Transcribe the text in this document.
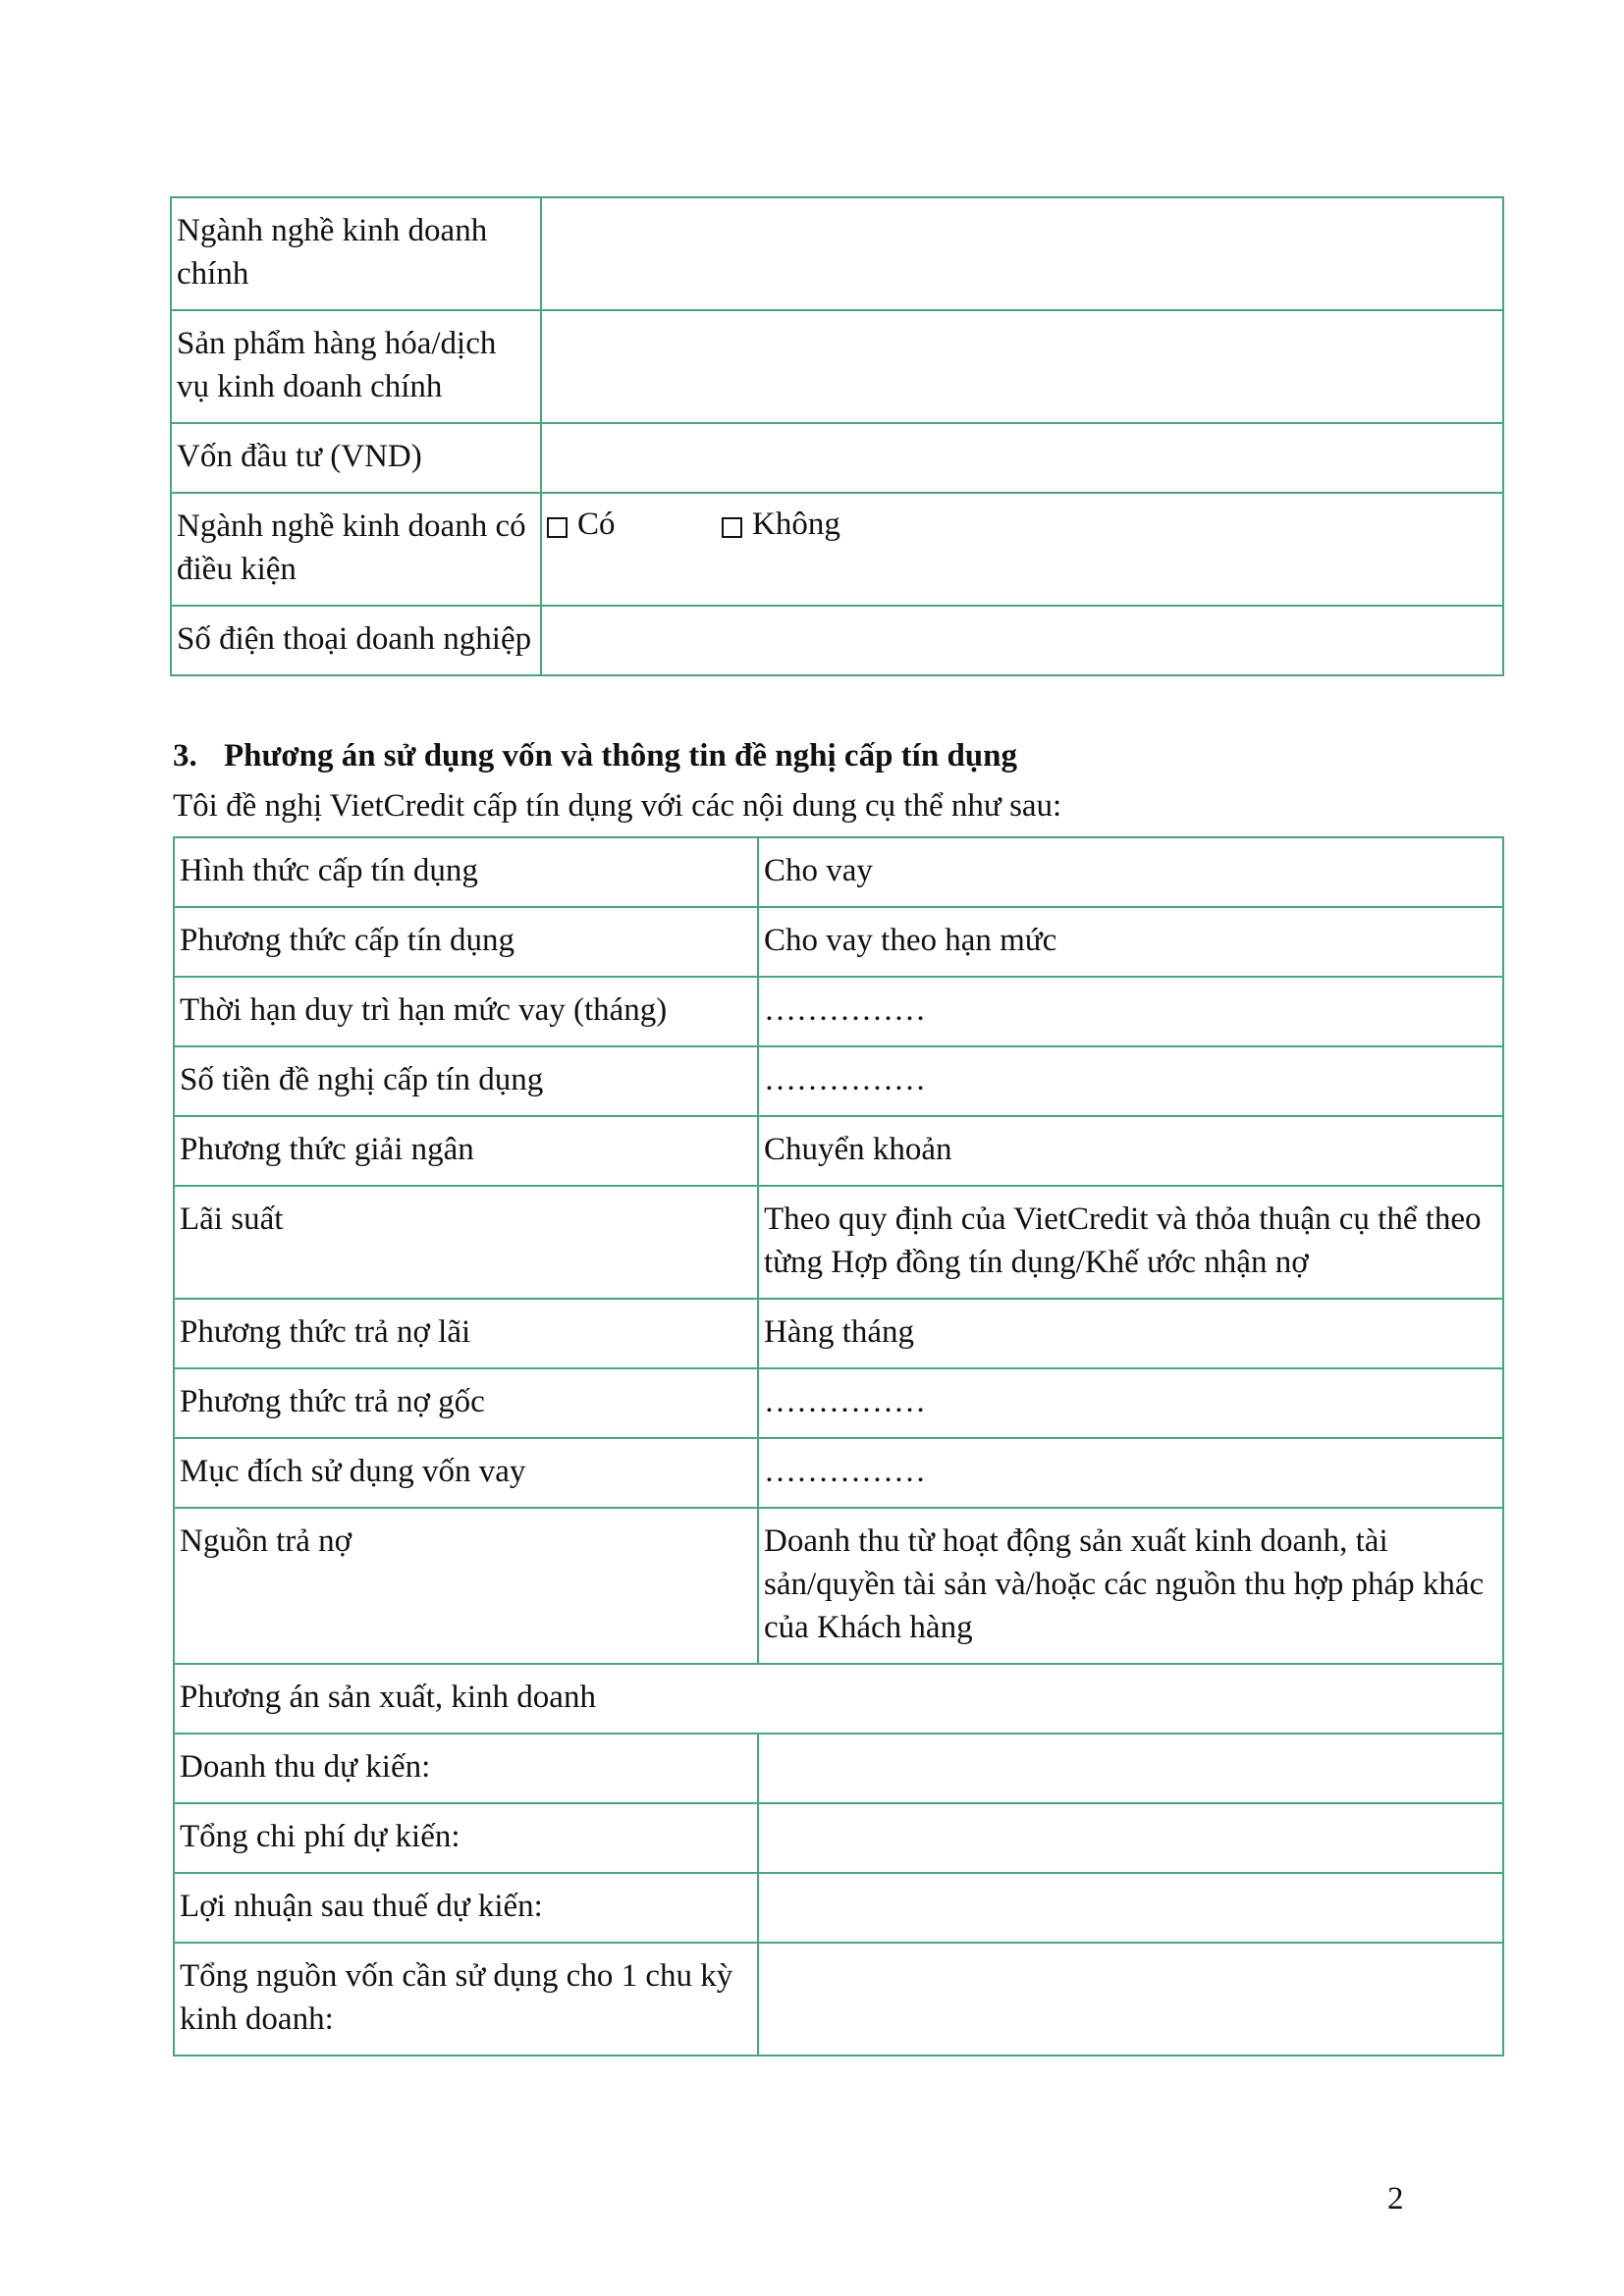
Ngành nghề kinh doanh chính	
Sản phẩm hàng hóa/dịch vụ kinh doanh chính	
Vốn đầu tư (VND)	
Ngành nghề kinh doanh có điều kiện	Có Không

Số điện thoại doanh nghiệp	

3. Phương án sử dụng vốn và thông tin đề nghị cấp tín dụng

Tôi đề nghị VietCredit cấp tín dụng với các nội dung cụ thể như sau:

Hình thức cấp tín dụng	Cho vay
Phương thức cấp tín dụng	Cho vay theo hạn mức
Thời hạn duy trì hạn mức vay (tháng)	……………
Số tiền đề nghị cấp tín dụng	……………
Phương thức giải ngân	Chuyển khoản
Lãi suất	Theo quy định của VietCredit và thỏa thuận cụ thể theo từng Hợp đồng tín dụng/Khế ước nhận nợ
Phương thức trả nợ lãi	Hàng tháng
Phương thức trả nợ gốc	……………
Mục đích sử dụng vốn vay	……………
Nguồn trả nợ	Doanh thu từ hoạt động sản xuất kinh doanh, tài sản/quyền tài sản và/hoặc các nguồn thu hợp pháp khác của Khách hàng
Phương án sản xuất, kinh doanh	
Doanh thu dự kiến:	
Tổng chi phí dự kiến:	
Lợi nhuận sau thuế dự kiến:	
Tổng nguồn vốn cần sử dụng cho 1 chu kỳ kinh doanh:	
2
